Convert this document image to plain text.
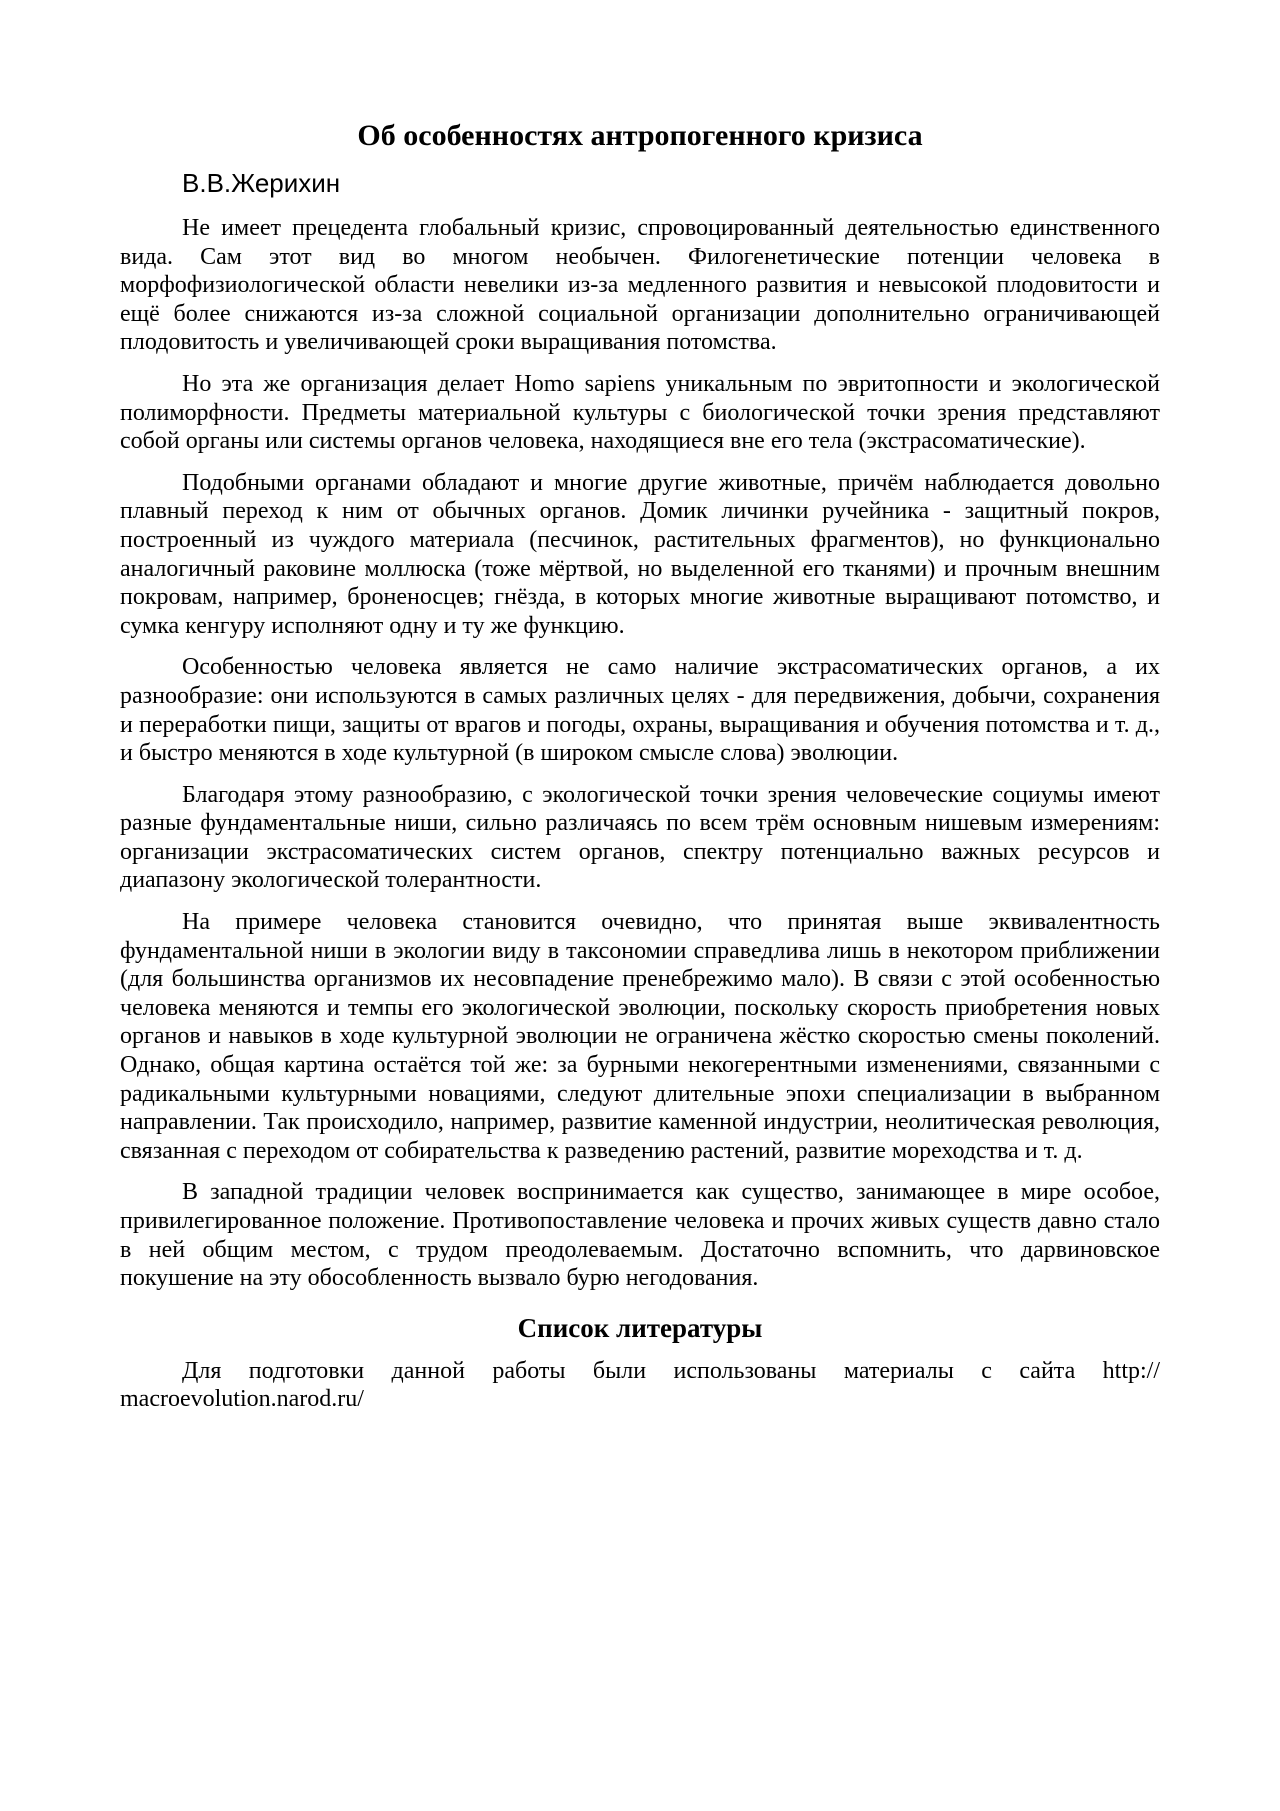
Об особенностях антропогенного кризиса
В.В.Жерихин

Не имеет прецедента глобальный кризис, спровоцированный деятельностью единственного вида. Сам этот вид во многом необычен. Филогенетические потенции человека в морфофизиологической области невелики из-за медленного развития и невысокой плодовитости и ещё более снижаются из-за сложной социальной организации дополнительно ограничивающей плодовитость и увеличивающей сроки выращивания потомства.

Но эта же организация делает Homo sapiens уникальным по эвритопности и экологической полиморфности. Предметы материальной культуры с биологической точки зрения представляют собой органы или системы органов человека, находящиеся вне его тела (экстрасоматические).

Подобными органами обладают и многие другие животные, причём наблюдается довольно плавный переход к ним от обычных органов. Домик личинки ручейника - защитный покров, построенный из чуждого материала (песчинок, растительных фрагментов), но функционально аналогичный раковине моллюска (тоже мёртвой, но выделенной его тканями) и прочным внешним покровам, например, броненосцев; гнёзда, в которых многие животные выращивают потомство, и сумка кенгуру исполняют одну и ту же функцию.

Особенностью человека является не само наличие экстрасоматических органов, а их разнообразие: они используются в самых различных целях - для передвижения, добычи, сохранения и переработки пищи, защиты от врагов и погоды, охраны, выращивания и обучения потомства и т. д., и быстро меняются в ходе культурной (в широком смысле слова) эволюции.

Благодаря этому разнообразию, с экологической точки зрения человеческие социумы имеют разные фундаментальные ниши, сильно различаясь по всем трём основным нишевым измерениям: организации экстрасоматических систем органов, спектру потенциально важных ресурсов и диапазону экологической толерантности.

На примере человека становится очевидно, что принятая выше эквивалентность фундаментальной ниши в экологии виду в таксономии справедлива лишь в некотором приближении (для большинства организмов их несовпадение пренебрежимо мало). В связи с этой особенностью человека меняются и темпы его экологической эволюции, поскольку скорость приобретения новых органов и навыков в ходе культурной эволюции не ограничена жёстко скоростью смены поколений. Однако, общая картина остаётся той же: за бурными некогерентными изменениями, связанными с радикальными культурными новациями, следуют длительные эпохи специализации в выбранном направлении. Так происходило, например, развитие каменной индустрии, неолитическая революция, связанная с переходом от собирательства к разведению растений, развитие мореходства и т. д.

В западной традиции человек воспринимается как существо, занимающее в мире особое, привилегированное положение. Противопоставление человека и прочих живых существ давно стало в ней общим местом, с трудом преодолеваемым. Достаточно вспомнить, что дарвиновское покушение на эту обособленность вызвало бурю негодования.

Список литературы

Для подготовки данной работы были использованы материалы с сайта http:// macroevolution.narod.ru/
